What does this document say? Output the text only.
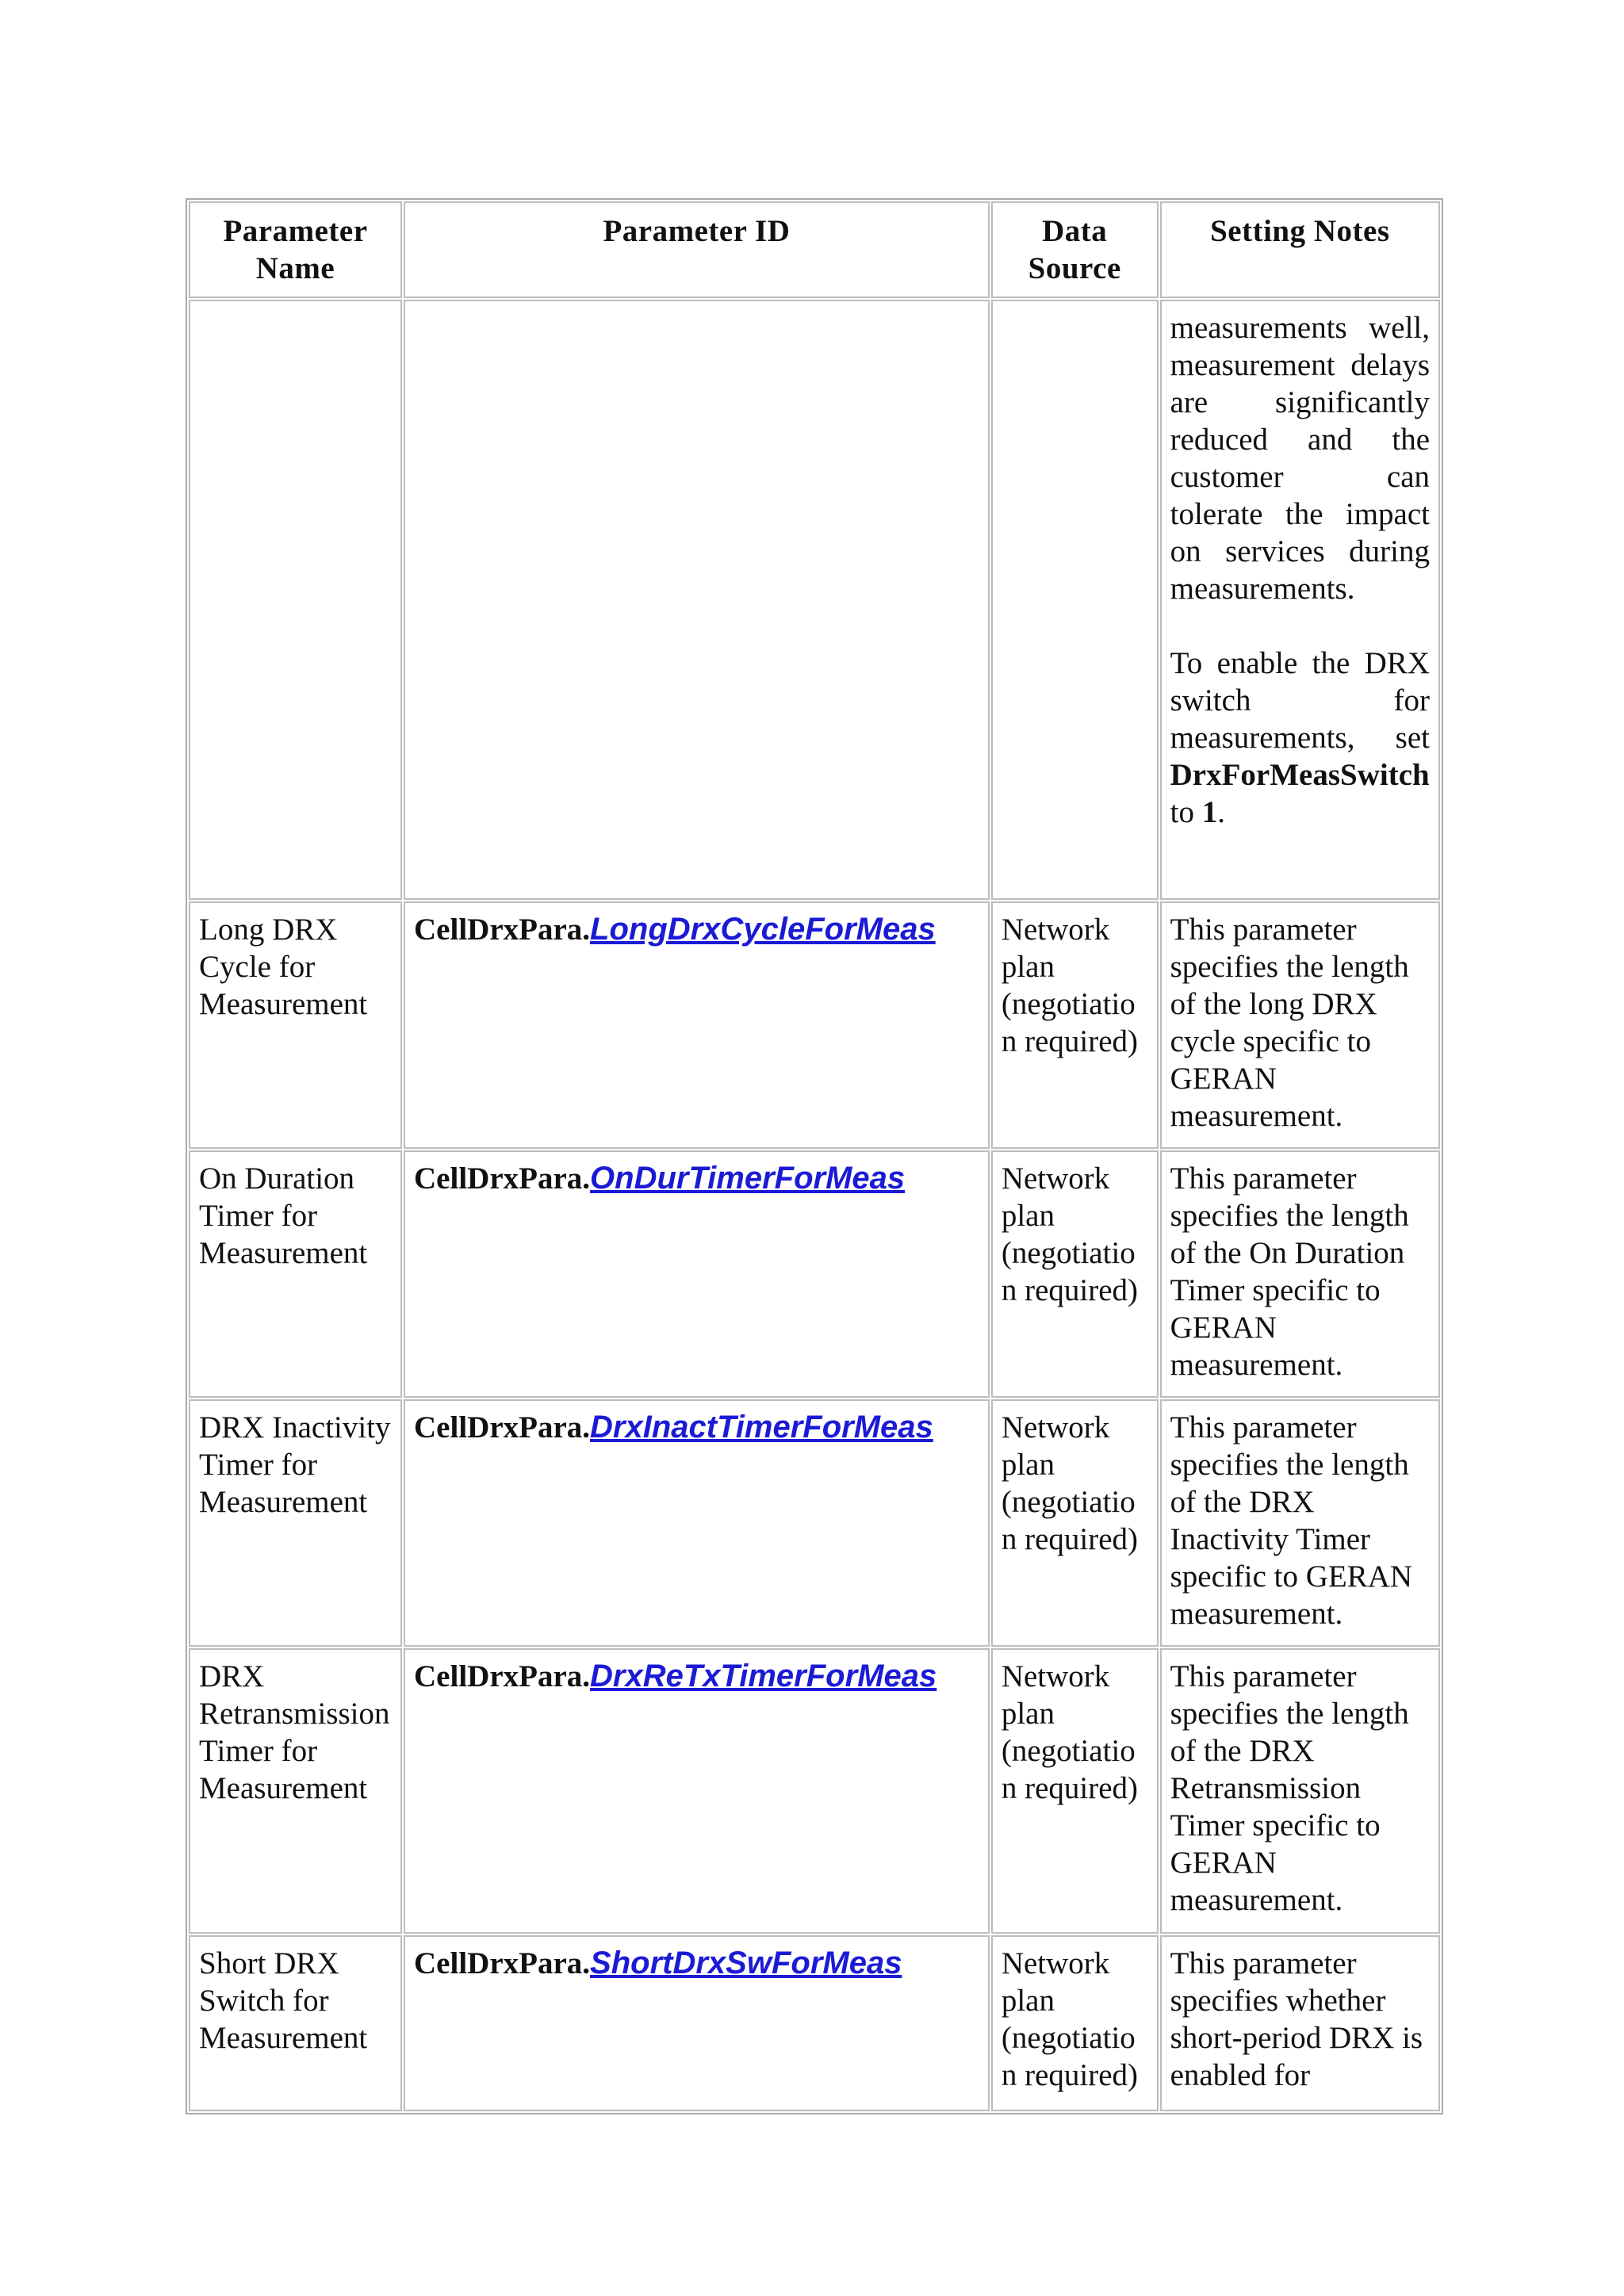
Parameter Name	Parameter ID	Data Source	Setting Notes

			measurements well, measurement delays are significantly reduced and the customer can tolerate the impact on services during measurements.

To enable the DRX switch for measurements, set DrxForMeasSwitch to 1.

Long DRX Cycle for Measurement	CellDrxPara.LongDrxCycleForMeas	Network plan (negotiation required)	This parameter specifies the length of the long DRX cycle specific to GERAN measurement.
On Duration Timer for Measurement	CellDrxPara.OnDurTimerForMeas	Network plan (negotiation required)	This parameter specifies the length of the On Duration Timer specific to GERAN measurement.
DRX Inactivity Timer for Measurement	CellDrxPara.DrxInactTimerForMeas	Network plan (negotiation required)	This parameter specifies the length of the DRX Inactivity Timer specific to GERAN measurement.
DRX Retransmission Timer for Measurement	CellDrxPara.DrxReTxTimerForMeas	Network plan (negotiation required)	This parameter specifies the length of the DRX Retransmission Timer specific to GERAN measurement.
Short DRX Switch for Measurement	CellDrxPara.ShortDrxSwForMeas	Network plan (negotiation required)	This parameter specifies whether short-period DRX is enabled for
